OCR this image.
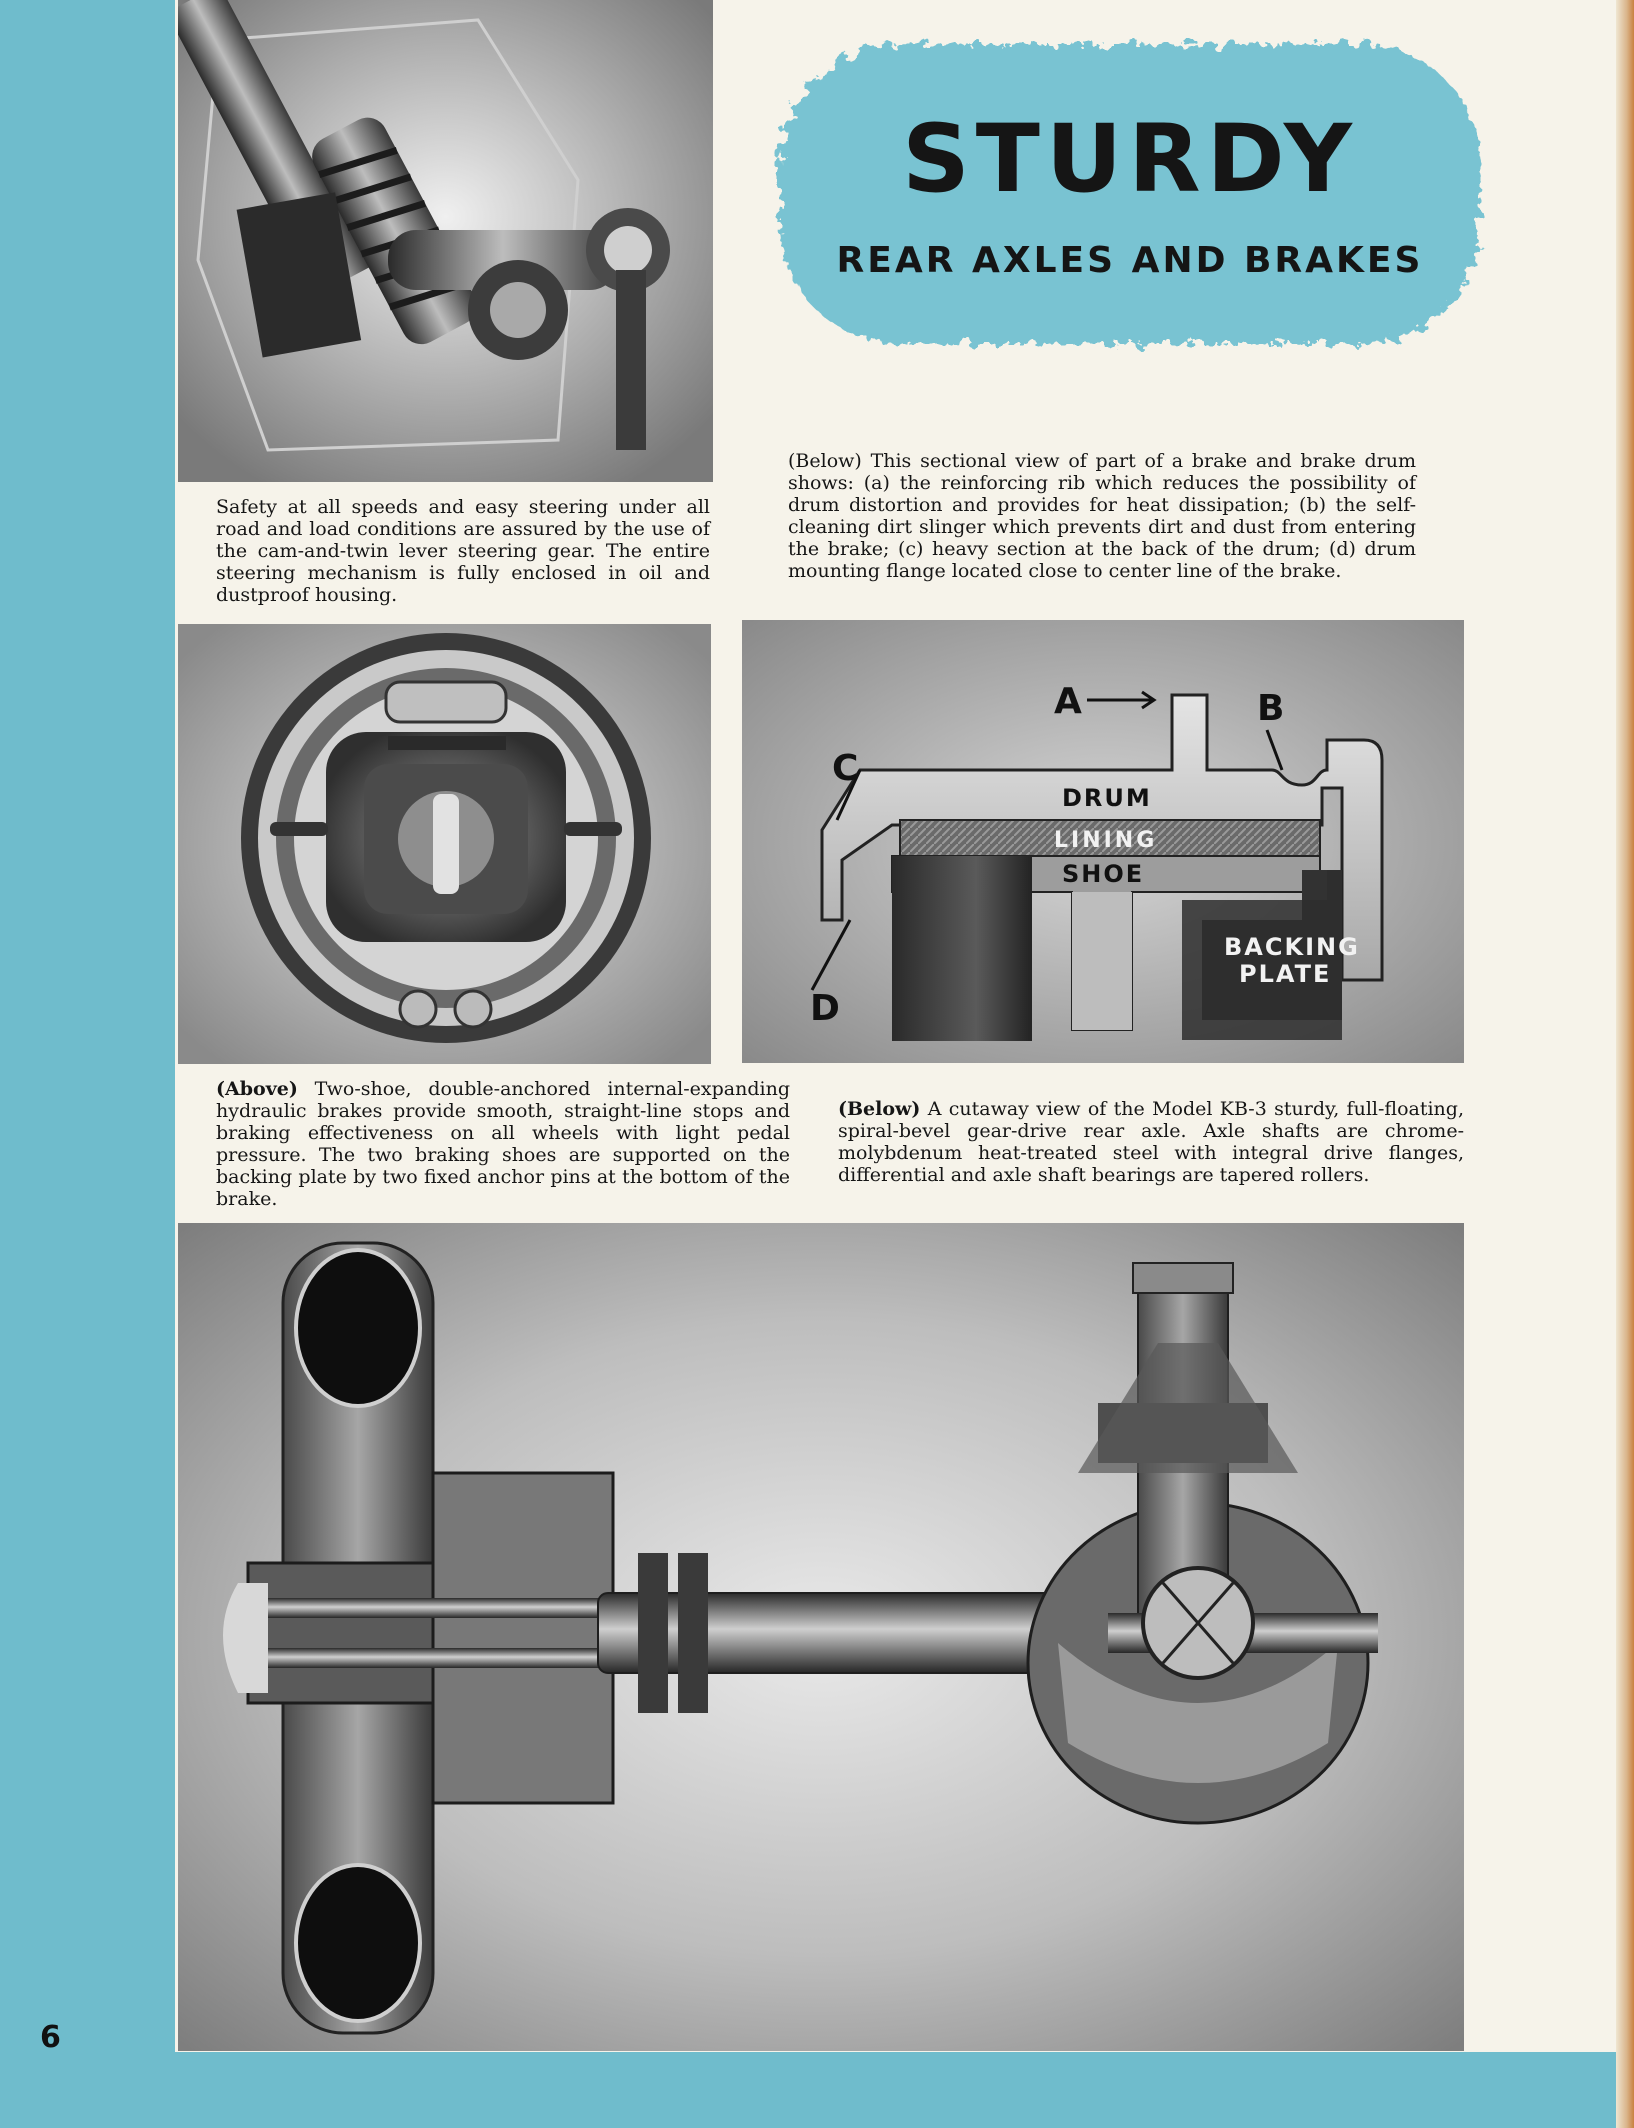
STURDY
REAR AXLES AND BRAKES
Safety at all speeds and easy steering under all road and load conditions are assured by the use of the cam-and-twin lever steering gear. The entire steering mechanism is fully enclosed in oil and dustproof housing.
(Below) This sectional view of part of a brake and brake drum shows: (a) the reinforcing rib which reduces the possibility of drum distortion and provides for heat dissipation; (b) the self-cleaning dirt slinger which prevents dirt and dust from entering the brake; (c) heavy section at the back of the drum; (d) drum mounting flange located close to center line of the brake.
A	B
C
D
DRUM
LINING
SHOE
BACKING
PLATE
(Above) Two-shoe, double-anchored internal-expanding hydraulic brakes provide smooth, straight-line stops and braking effectiveness on all wheels with light pedal pressure. The two braking shoes are supported on the backing plate by two fixed anchor pins at the bottom of the brake.
(Below) A cutaway view of the Model KB-3 sturdy, full-floating, spiral-bevel gear-drive rear axle. Axle shafts are chrome-molybdenum heat-treated steel with integral drive flanges, differential and axle shaft bearings are tapered rollers.
6
